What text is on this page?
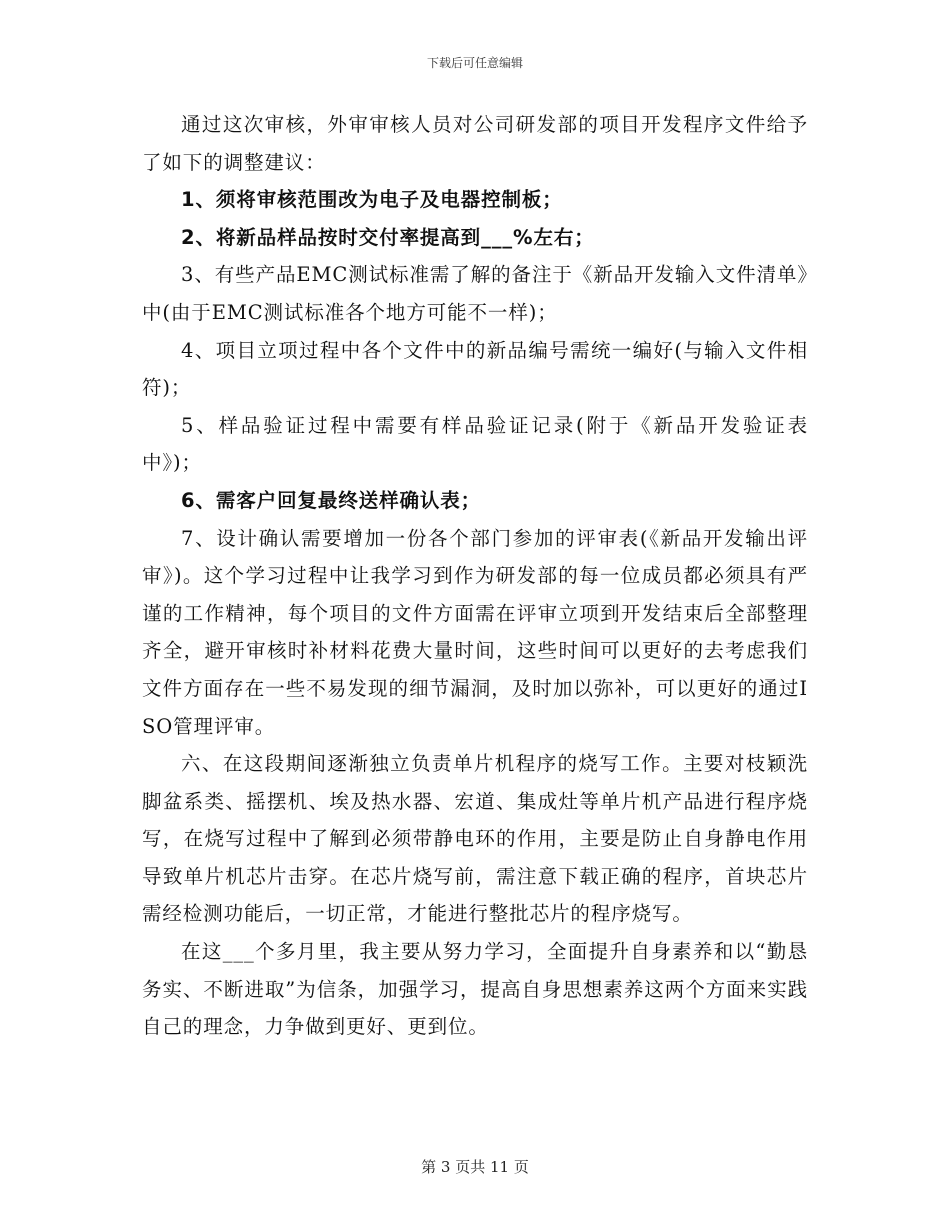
下载后可任意编辑

通过这次审核，外审审核人员对公司研发部的项目开发程序文件给予了如下的调整建议：

1、须将审核范围改为电子及电器控制板；

2、将新品样品按时交付率提高到___%左右；

3、有些产品EMC测试标准需了解的备注于《新品开发输入文件清单》中(由于EMC测试标准各个地方可能不一样)；

4、项目立项过程中各个文件中的新品编号需统一编好(与输入文件相符)；

5、样品验证过程中需要有样品验证记录(附于《新品开发验证表中》)；

6、需客户回复最终送样确认表；

7、设计确认需要增加一份各个部门参加的评审表(《新品开发输出评审》)。这个学习过程中让我学习到作为研发部的每一位成员都必须具有严谨的工作精神，每个项目的文件方面需在评审立项到开发结束后全部整理齐全，避开审核时补材料花费大量时间，这些时间可以更好的去考虑我们文件方面存在一些不易发现的细节漏洞，及时加以弥补，可以更好的通过ISO管理评审。

六、在这段期间逐渐独立负责单片机程序的烧写工作。主要对枝颖洗脚盆系类、摇摆机、埃及热水器、宏道、集成灶等单片机产品进行程序烧写，在烧写过程中了解到必须带静电环的作用，主要是防止自身静电作用导致单片机芯片击穿。在芯片烧写前，需注意下载正确的程序，首块芯片需经检测功能后，一切正常，才能进行整批芯片的程序烧写。

在这___个多月里，我主要从努力学习，全面提升自身素养和以“勤恳务实、不断进取”为信条，加强学习，提高自身思想素养这两个方面来实践自己的理念，力争做到更好、更到位。

第 3 页共 11 页
